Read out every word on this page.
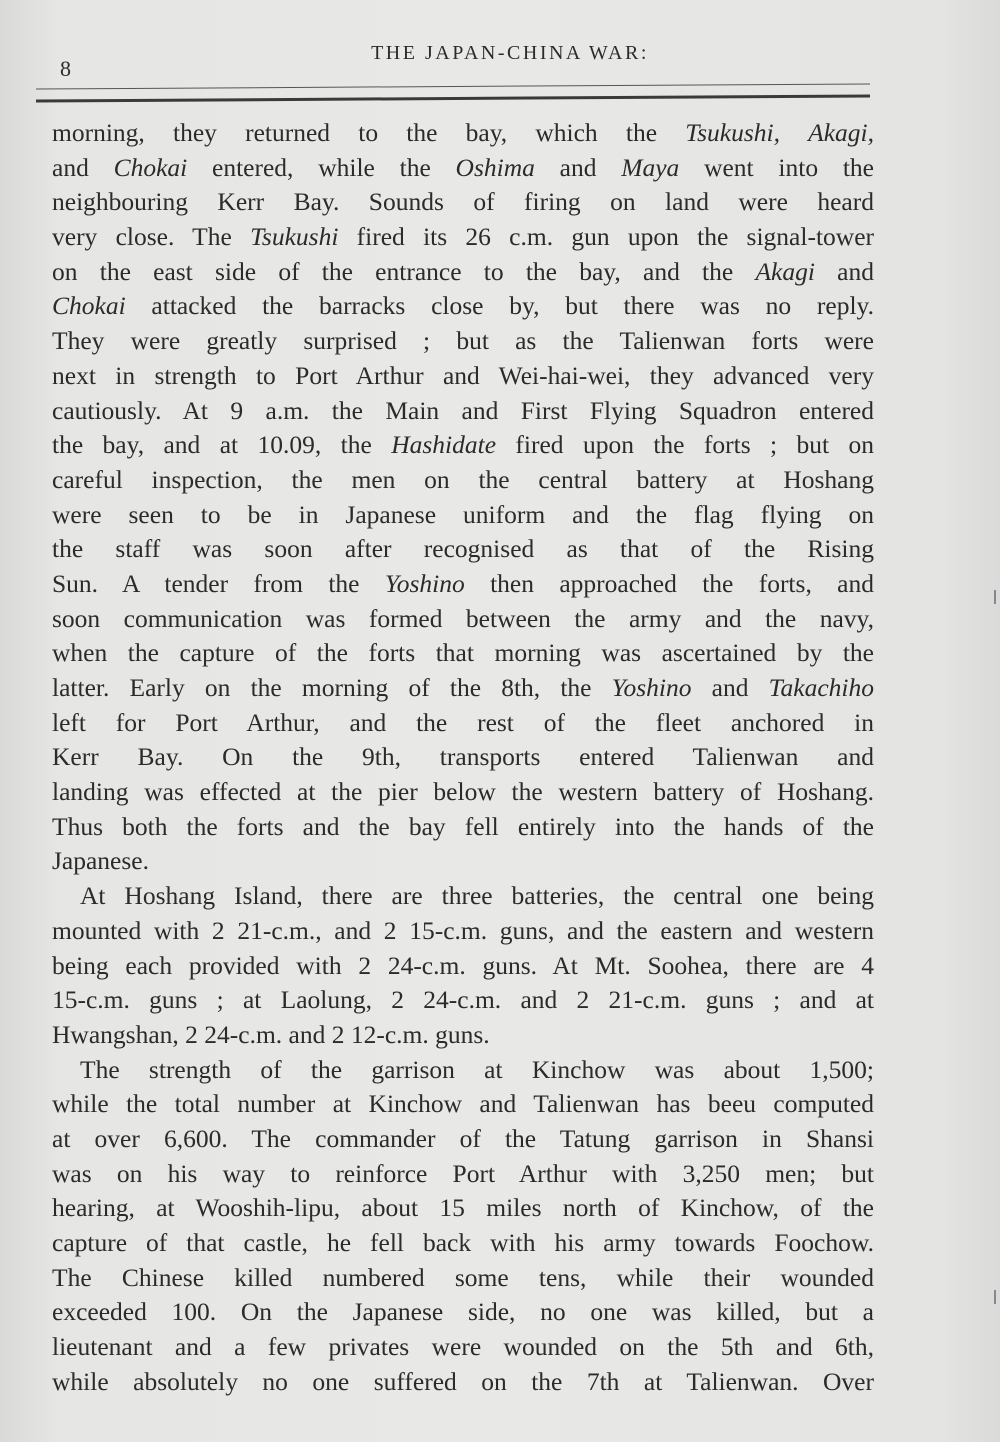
8
THE JAPAN-CHINA WAR:
morning, they returned to the bay, which the Tsukushi, Akagi,
and Chokai entered, while the Oshima and Maya went into the
neighbouring Kerr Bay. Sounds of firing on land were heard
very close. The Tsukushi fired its 26 c.m. gun upon the signal-tower
on the east side of the entrance to the bay, and the Akagi and
Chokai attacked the barracks close by, but there was no reply.
They were greatly surprised ; but as the Talienwan forts were
next in strength to Port Arthur and Wei-hai-wei, they advanced very
cautiously. At 9 a.m. the Main and First Flying Squadron entered
the bay, and at 10.09, the Hashidate fired upon the forts ; but on
careful inspection, the men on the central battery at Hoshang
were seen to be in Japanese uniform and the flag flying on
the staff was soon after recognised as that of the Rising
Sun. A tender from the Yoshino then approached the forts, and
soon communication was formed between the army and the navy,
when the capture of the forts that morning was ascertained by the
latter. Early on the morning of the 8th, the Yoshino and Takachiho
left for Port Arthur, and the rest of the fleet anchored in
Kerr Bay. On the 9th, transports entered Talienwan and
landing was effected at the pier below the western battery of Hoshang.
Thus both the forts and the bay fell entirely into the hands of the
Japanese.
At Hoshang Island, there are three batteries, the central one being
mounted with 2 21-c.m., and 2 15-c.m. guns, and the eastern and western
being each provided with 2 24-c.m. guns. At Mt. Soohea, there are 4
15-c.m. guns ; at Laolung, 2 24-c.m. and 2 21-c.m. guns ; and at
Hwangshan, 2 24-c.m. and 2 12-c.m. guns.
The strength of the garrison at Kinchow was about 1,500;
while the total number at Kinchow and Talienwan has beeu computed
at over 6,600. The commander of the Tatung garrison in Shansi
was on his way to reinforce Port Arthur with 3,250 men; but
hearing, at Wooshih-lipu, about 15 miles north of Kinchow, of the
capture of that castle, he fell back with his army towards Foochow.
The Chinese killed numbered some tens, while their wounded
exceeded 100. On the Japanese side, no one was killed, but a
lieutenant and a few privates were wounded on the 5th and 6th,
while absolutely no one suffered on the 7th at Talienwan. Over
